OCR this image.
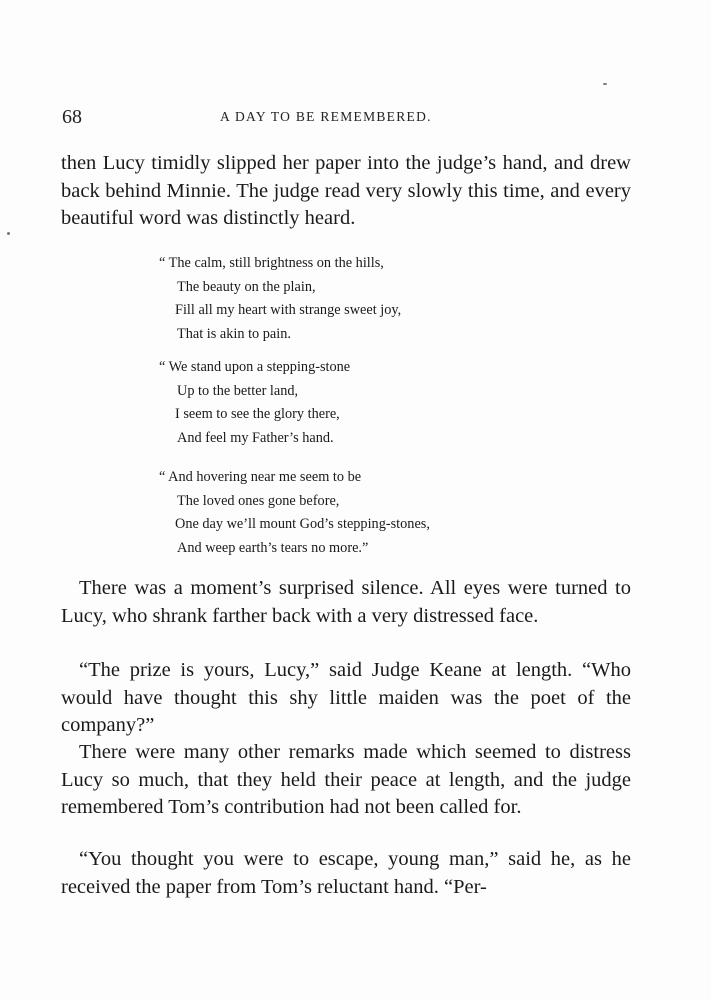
68	A DAY TO BE REMEMBERED.

then Lucy timidly slipped her paper into the judge’s hand, and drew back behind Minnie. The judge read very slowly this time, and every beautiful word was distinctly heard.

“ The calm, still brightness on the hills,
The beauty on the plain,
Fill all my heart with strange sweet joy,
That is akin to pain.
“ We stand upon a stepping-stone
Up to the better land,
I seem to see the glory there,
And feel my Father’s hand.
“ And hovering near me seem to be
The loved ones gone before,
One day we’ll mount God’s stepping-stones,
And weep earth’s tears no more.”

There was a moment’s surprised silence. All eyes were turned to Lucy, who shrank farther back with a very distressed face.

“The prize is yours, Lucy,” said Judge Keane at length. “Who would have thought this shy little maiden was the poet of the company?”

There were many other remarks made which seemed to distress Lucy so much, that they held their peace at length, and the judge remembered Tom’s contribution had not been called for.

“You thought you were to escape, young man,” said he, as he received the paper from Tom’s reluctant hand. “Per-
